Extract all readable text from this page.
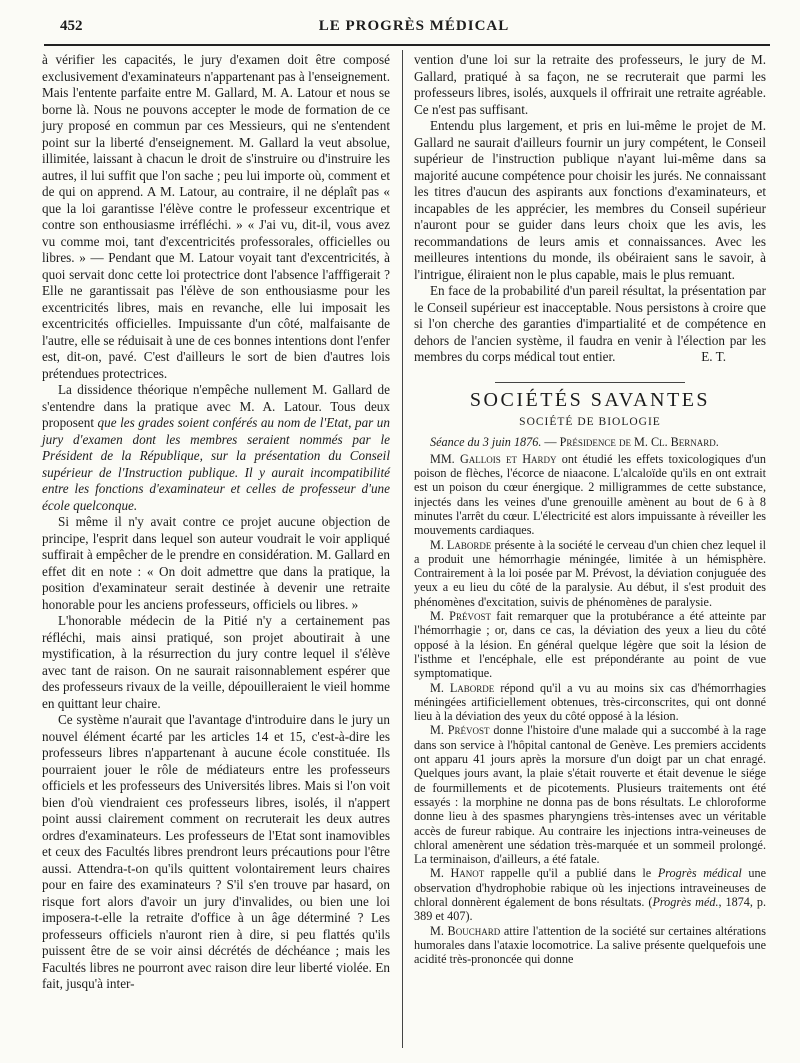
452	LE PROGRÈS MÉDICAL

à vérifier les capacités, le jury d'examen doit être composé exclusivement d'examinateurs n'appartenant pas à l'enseignement. Mais l'entente parfaite entre M. Gallard, M. A. Latour et nous se borne là. Nous ne pouvons accepter le mode de formation de ce jury proposé en commun par ces Messieurs, qui ne s'entendent point sur la liberté d'enseignement. M. Gallard la veut absolue, illimitée, laissant à chacun le droit de s'instruire ou d'instruire les autres, il lui suffit que l'on sache ; peu lui importe où, comment et de qui on apprend. A M. Latour, au contraire, il ne déplaît pas « que la loi garantisse l'élève contre le professeur excentrique et contre son enthousiasme irréfléchi. » « J'ai vu, dit-il, vous avez vu comme moi, tant d'excentricités professorales, officielles ou libres. » — Pendant que M. Latour voyait tant d'excentricités, à quoi servait donc cette loi protectrice dont l'absence l'afffigerait ? Elle ne garantissait pas l'élève de son enthousiasme pour les excentricités libres, mais en revanche, elle lui imposait les excentricités officielles. Impuissante d'un côté, malfaisante de l'autre, elle se réduisait à une de ces bonnes intentions dont l'enfer est, dit-on, pavé. C'est d'ailleurs le sort de bien d'autres lois prétendues protectrices.

La dissidence théorique n'empêche nullement M. Gallard de s'entendre dans la pratique avec M. A. Latour. Tous deux proposent que les grades soient conférés au nom de l'Etat, par un jury d'examen dont les membres seraient nommés par le Président de la République, sur la présentation du Conseil supérieur de l'Instruction publique. Il y aurait incompatibilité entre les fonctions d'examinateur et celles de professeur d'une école quelconque.

Si même il n'y avait contre ce projet aucune objection de principe, l'esprit dans lequel son auteur voudrait le voir appliqué suffirait à empêcher de le prendre en considération. M. Gallard en effet dit en note : « On doit admettre que dans la pratique, la position d'examinateur serait destinée à devenir une retraite honorable pour les anciens professeurs, officiels ou libres. »

L'honorable médecin de la Pitié n'y a certainement pas réfléchi, mais ainsi pratiqué, son projet aboutirait à une mystification, à la résurrection du jury contre lequel il s'élève avec tant de raison. On ne saurait raisonnablement espérer que des professeurs rivaux de la veille, dépouilleraient le vieil homme en quittant leur chaire.

Ce système n'aurait que l'avantage d'introduire dans le jury un nouvel élément écarté par les articles 14 et 15, c'est-à-dire les professeurs libres n'appartenant à aucune école constituée. Ils pourraient jouer le rôle de médiateurs entre les professeurs officiels et les professeurs des Universités libres. Mais si l'on voit bien d'où viendraient ces professeurs libres, isolés, il n'appert point aussi clairement comment on recruterait les deux autres ordres d'examinateurs. Les professeurs de l'Etat sont inamovibles et ceux des Facultés libres prendront leurs précautions pour l'être aussi. Attendra-t-on qu'ils quittent volontairement leurs chaires pour en faire des examinateurs ? S'il s'en trouve par hasard, on risque fort alors d'avoir un jury d'invalides, ou bien une loi imposera-t-elle la retraite d'office à un âge déterminé ? Les professeurs officiels n'auront rien à dire, si peu flattés qu'ils puissent être de se voir ainsi décrétés de déchéance ; mais les Facultés libres ne pourront avec raison dire leur liberté violée. En fait, jusqu'à inter-

vention d'une loi sur la retraite des professeurs, le jury de M. Gallard, pratiqué à sa façon, ne se recruterait que parmi les professeurs libres, isolés, auxquels il offrirait une retraite agréable. Ce n'est pas suffisant.

Entendu plus largement, et pris en lui-même le projet de M. Gallard ne saurait d'ailleurs fournir un jury compétent, le Conseil supérieur de l'instruction publique n'ayant lui-même dans sa majorité aucune compétence pour choisir les jurés. Ne connaissant les titres d'aucun des aspirants aux fonctions d'examinateurs, et incapables de les apprécier, les membres du Conseil supérieur n'auront pour se guider dans leurs choix que les avis, les recommandations de leurs amis et connaissances. Avec les meilleures intentions du monde, ils obéiraient sans le savoir, à l'intrigue, éliraient non le plus capable, mais le plus remuant.

En face de la probabilité d'un pareil résultat, la présentation par le Conseil supérieur est inacceptable. Nous persistons à croire que si l'on cherche des garanties d'impartialité et de compétence en dehors de l'ancien système, il faudra en venir à l'élection par les membres du corps médical tout entier.	E. T.

SOCIÉTÉS SAVANTES
SOCIÉTÉ DE BIOLOGIE

Séance du 3 juin 1876. — Présidence de M. Cl. Bernard.

MM. Gallois et Hardy ont étudié les effets toxicologiques d'un poison de flèches, l'écorce de niaacone. L'alcaloïde qu'ils en ont extrait est un poison du cœur énergique. 2 milligrammes de cette substance, injectés dans les veines d'une grenouille amènent au bout de 6 à 8 minutes l'arrêt du cœur. L'électricité est alors impuissante à réveiller les mouvements cardiaques.

M. Laborde présente à la société le cerveau d'un chien chez lequel il a produit une hémorrhagie méningée, limitée à un hémisphère. Contrairement à la loi posée par M. Prévost, la déviation conjuguée des yeux a eu lieu du côté de la paralysie. Au début, il s'est produit des phénomènes d'excitation, suivis de phénomènes de paralysie.

M. Prévost fait remarquer que la protubérance a été atteinte par l'hémorrhagie ; or, dans ce cas, la déviation des yeux a lieu du côté opposé à la lésion. En général quelque légère que soit la lésion de l'isthme et l'encéphale, elle est prépondérante au point de vue symptomatique.

M. Laborde répond qu'il a vu au moins six cas d'hémorrhagies méningées artificiellement obtenues, très-circonscrites, qui ont donné lieu à la déviation des yeux du côté opposé à la lésion.

M. Prévost donne l'histoire d'une malade qui a succombé à la rage dans son service à l'hôpital cantonal de Genève. Les premiers accidents ont apparu 41 jours après la morsure d'un doigt par un chat enragé. Quelques jours avant, la plaie s'était rouverte et était devenue le siége de fourmillements et de picotements. Plusieurs traitements ont été essayés : la morphine ne donna pas de bons résultats. Le chloroforme donne lieu à des spasmes pharyngiens très-intenses avec un véritable accès de fureur rabique. Au contraire les injections intra-veineuses de chloral amenèrent une sédation très-marquée et un sommeil prolongé. La terminaison, d'ailleurs, a été fatale.

M. Hanot rappelle qu'il a publié dans le Progrès médical une observation d'hydrophobie rabique où les injections intraveineuses de chloral donnèrent également de bons résultats. (Progrès méd., 1874, p. 389 et 407).

M. Bouchard attire l'attention de la société sur certaines altérations humorales dans l'ataxie locomotrice. La salive présente quelquefois une acidité très-prononcée qui donne
